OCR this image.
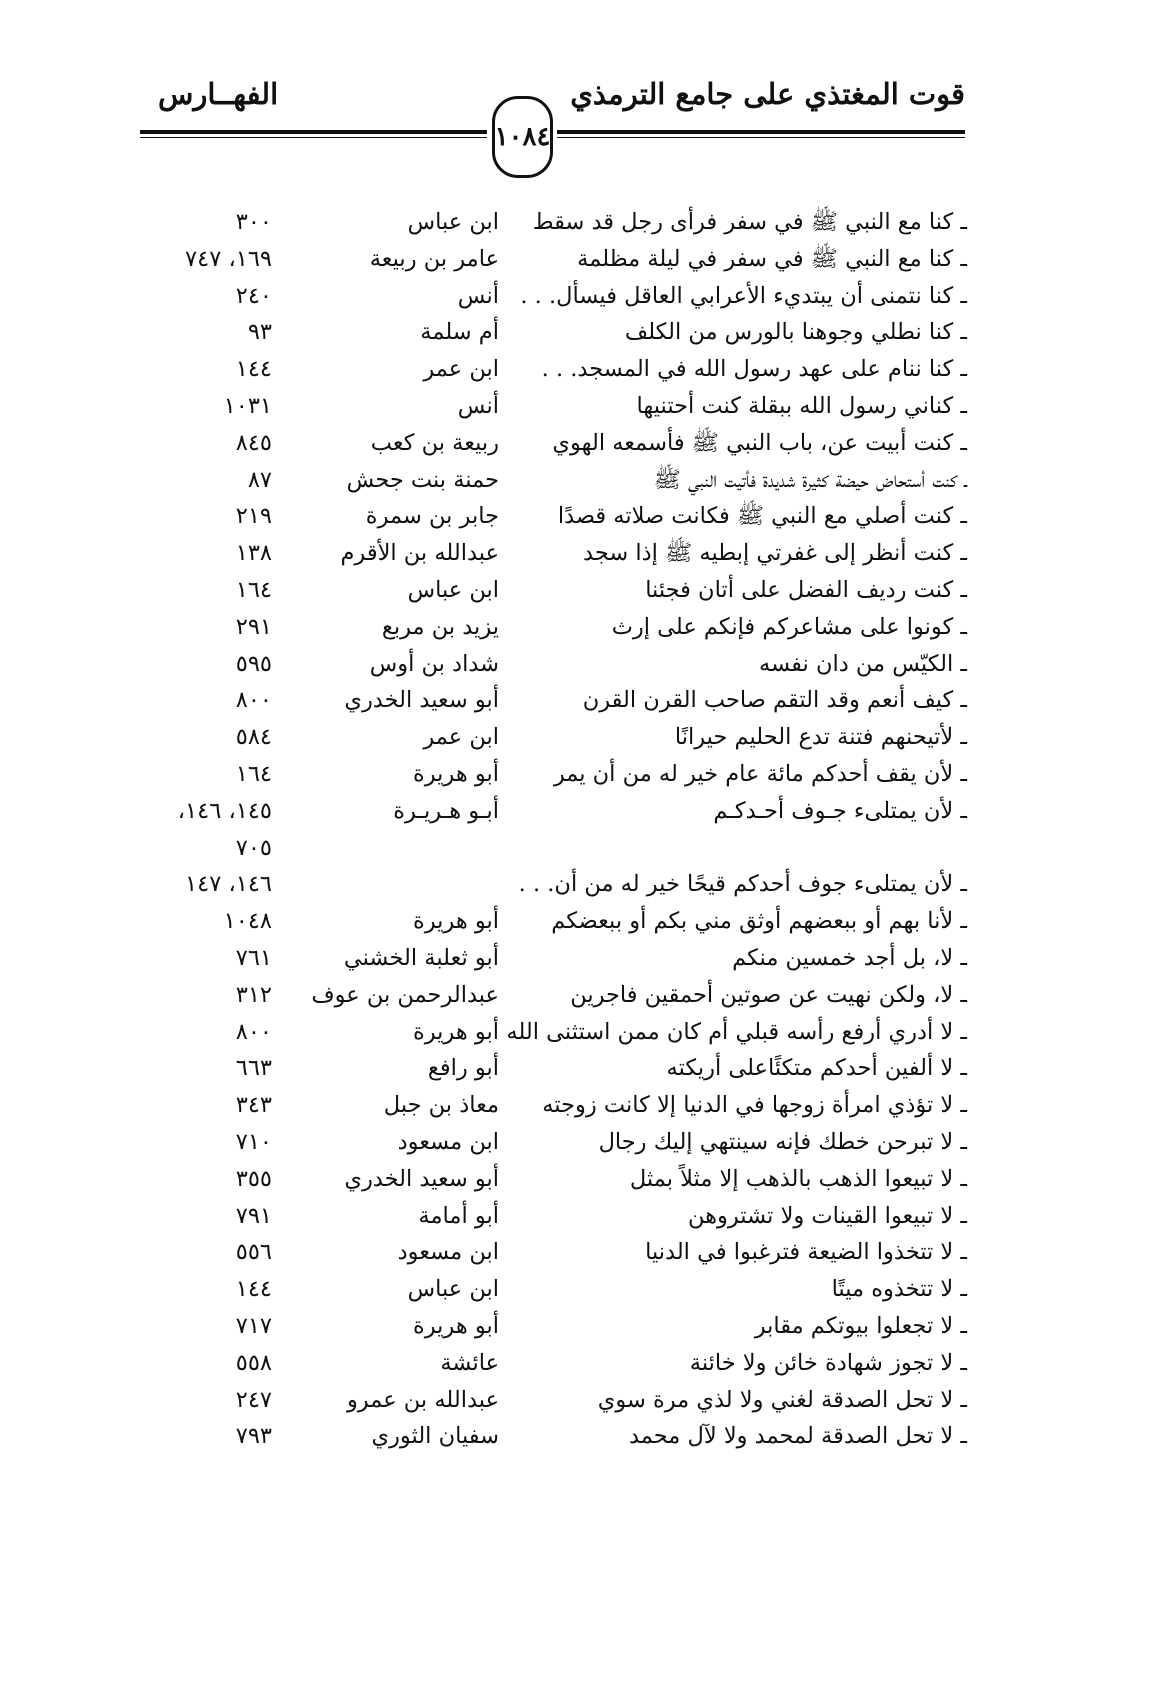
قوت المغتذي على جامع الترمذي
الفهــارس
١٠٨٤
ـ كنا مع النبي ﷺ في سفر فرأى رجل قد سقط
ابن عباس
٣٠٠
ـ كنا مع النبي ﷺ في سفر في ليلة مظلمة
عامر بن ربيعة
١٦٩، ٧٤٧
ـ كنا نتمنى أن يبتديء الأعرابي العاقل فيسأل. . .
أنس
٢٤٠
ـ كنا نطلي وجوهنا بالورس من الكلف
أم سلمة
٩٣
ـ كنا ننام على عهد رسول الله في المسجد. . .
ابن عمر
١٤٤
ـ كناني رسول الله ببقلة كنت أحتنيها
أنس
١٠٣١
ـ كنت أبيت عن، باب النبي ﷺ فأسمعه الهوي
ربيعة بن كعب
٨٤٥
ـ كنت أستحاض حيضة كثيرة شديدة فأتيت النبي ﷺ
حمنة بنت جحش
٨٧
ـ كنت أصلي مع النبي ﷺ فكانت صلاته قصدًا
جابر بن سمرة
٢١٩
ـ كنت أنظر إلى غفرتي إبطيه ﷺ إذا سجد
عبدالله بن الأقرم
١٣٨
ـ كنت رديف الفضل على أتان فجئنا
ابن عباس
١٦٤
ـ كونوا على مشاعركم فإنكم على إرث
يزيد بن مربع
٢٩١
ـ الكيّس من دان نفسه
شداد بن أوس
٥٩٥
ـ كيف أنعم وقد التقم صاحب القرن القرن
أبو سعيد الخدري
٨٠٠
ـ لأتيحنهم فتنة تدع الحليم حيرانًا
ابن عمر
٥٨٤
ـ لأن يقف أحدكم مائة عام خير له من أن يمر
أبو هريرة
١٦٤
ـ لأن يمتلىء جـوف أحـدكـم
أبـو هـريـرة
١٤٥، ١٤٦،
٧٠٥
ـ لأن يمتلىء جوف أحدكم قيحًا خير له من أن. . .
١٤٦، ١٤٧
ـ لأنا بهم أو ببعضهم أوثق مني بكم أو ببعضكم
أبو هريرة
١٠٤٨
ـ لا، بل أجد خمسين منكم
أبو ثعلبة الخشني
٧٦١
ـ لا، ولكن نهيت عن صوتين أحمقين فاجرين
عبدالرحمن بن عوف
٣١٢
ـ لا أدري أرفع رأسه قبلي أم كان ممن استثنى الله
أبو هريرة
٨٠٠
ـ لا ألفين أحدكم متكئًاعلى أريكته
أبو رافع
٦٦٣
ـ لا تؤذي امرأة زوجها في الدنيا إلا كانت زوجته
معاذ بن جبل
٣٤٣
ـ لا تبرحن خطك فإنه سينتهي إليك رجال
ابن مسعود
٧١٠
ـ لا تبيعوا الذهب بالذهب إلا مثلاً بمثل
أبو سعيد الخدري
٣٥٥
ـ لا تبيعوا القينات ولا تشتروهن
أبو أمامة
٧٩١
ـ لا تتخذوا الضيعة فترغبوا في الدنيا
ابن مسعود
٥٥٦
ـ لا تتخذوه ميتًا
ابن عباس
١٤٤
ـ لا تجعلوا بيوتكم مقابر
أبو هريرة
٧١٧
ـ لا تجوز شهادة خائن ولا خائنة
عائشة
٥٥٨
ـ لا تحل الصدقة لغني ولا لذي مرة سوي
عبدالله بن عمرو
٢٤٧
ـ لا تحل الصدقة لمحمد ولا لآل محمد
سفيان الثوري
٧٩٣
